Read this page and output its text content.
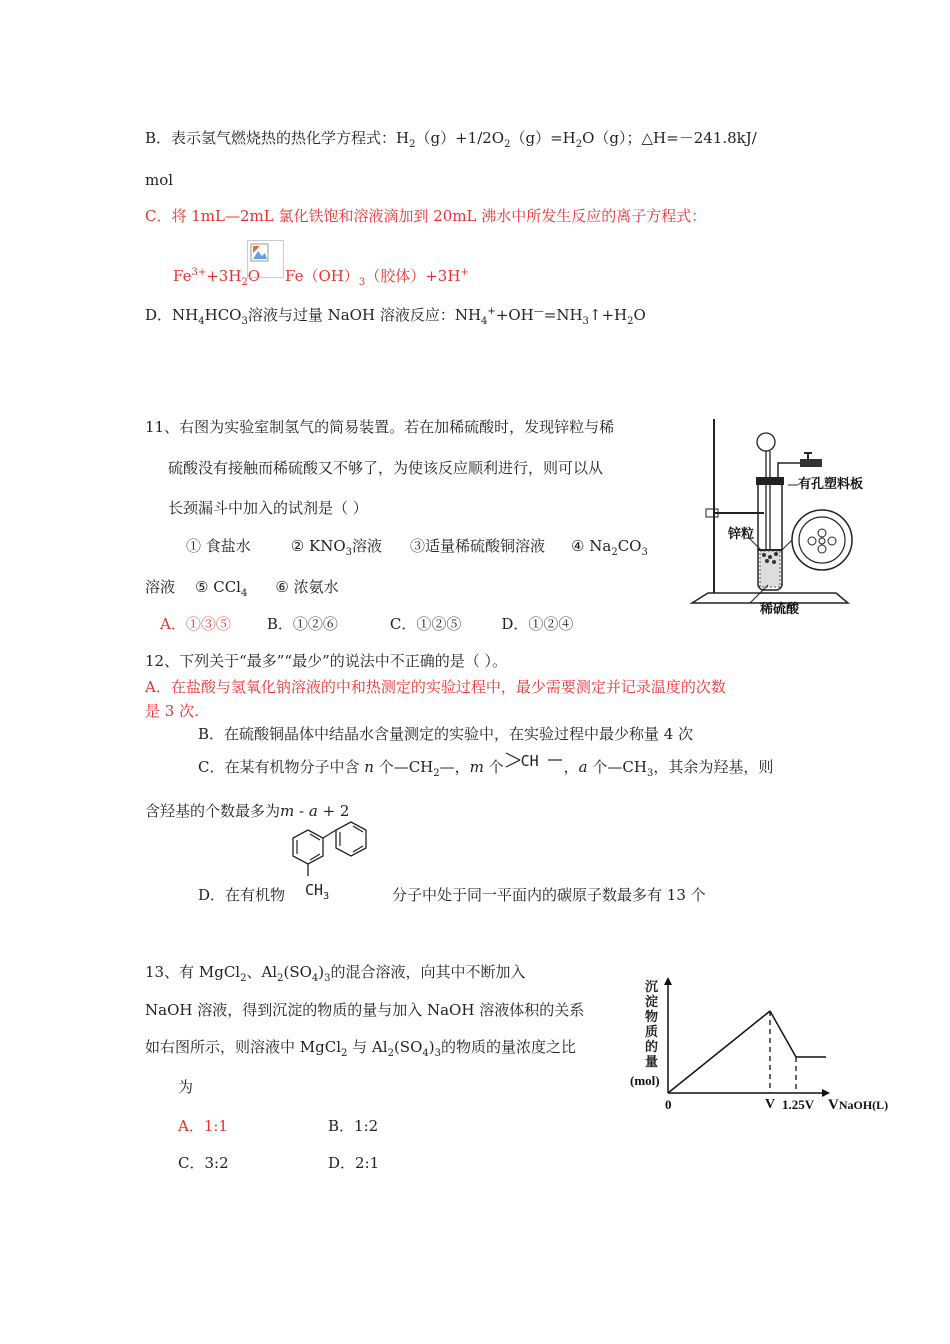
B．表示氢气燃烧热的热化学方程式：$H_2(g)+1/2O_2(g)=H_2O(g)$；△H=－241.8kJ/
mol
C．将 1mL—2mL 氯化铁饱和溶液滴加到 20mL 沸水中所发生反应的离子方程式：
$Fe^{3+}+3H_2O$ $Fe(OH)_3$（胶体）+3H+
D．$NH_4HCO_3$溶液与过量 NaOH 溶液反应：$NH_4^++OH^—=NH_3↑+H_2O$
11、右图为实验室制氢气的简易装置。若在加稀硫酸时，发现锌粒与稀
硫酸没有接触而稀硫酸又不够了，为使该反应顺利进行，则可以从
长颈漏斗中加入的试剂是（ ）
① 食盐水	② $KNO_3$溶液 ③适量稀硫酸铜溶液 ④ $Na_2CO_3$
溶液 ⑤ CCl$_4$ ⑥ 浓氨水
A．①③⑤ B．①②⑥	C．①②⑤	D．①②④
有孔塑料板
锌粒
稀硫酸
12、下列关于“最多”“最少”的说法中不正确的是（ ）。
A．在盐酸与氢氧化钠溶液的中和热测定的实验过程中，最少需要测定并记录温度的次数
是 3 次.
B．在硫酸铜晶体中结晶水含量测定的实验中，在实验过程中最少称量 4 次
C．在某有机物分子中含 n 个$—CH_2—$，m 个 CH ，a 个$—CH_3$，其余为羟基，则
含羟基的个数最多为m - a + 2
D．在有机物 $CH_3$	分子中处于同一平面内的碳原子数最多有 13 个
13、有 MgCl$_2$、$Al_2(SO_4)_3$的混合溶液，向其中不断加入
NaOH 溶液，得到沉淀的物质的量与加入 NaOH 溶液体积的关系
如右图所示，则溶液中 MgCl$_2$ 与 $Al_2(SO_4)_3$的物质的量浓度之比
为
A．1:1	B．1:2
C．3:2	D．2:1
沉
淀
物
质
的
量
(mol)
0	V 1.25V VNaOH(L)
